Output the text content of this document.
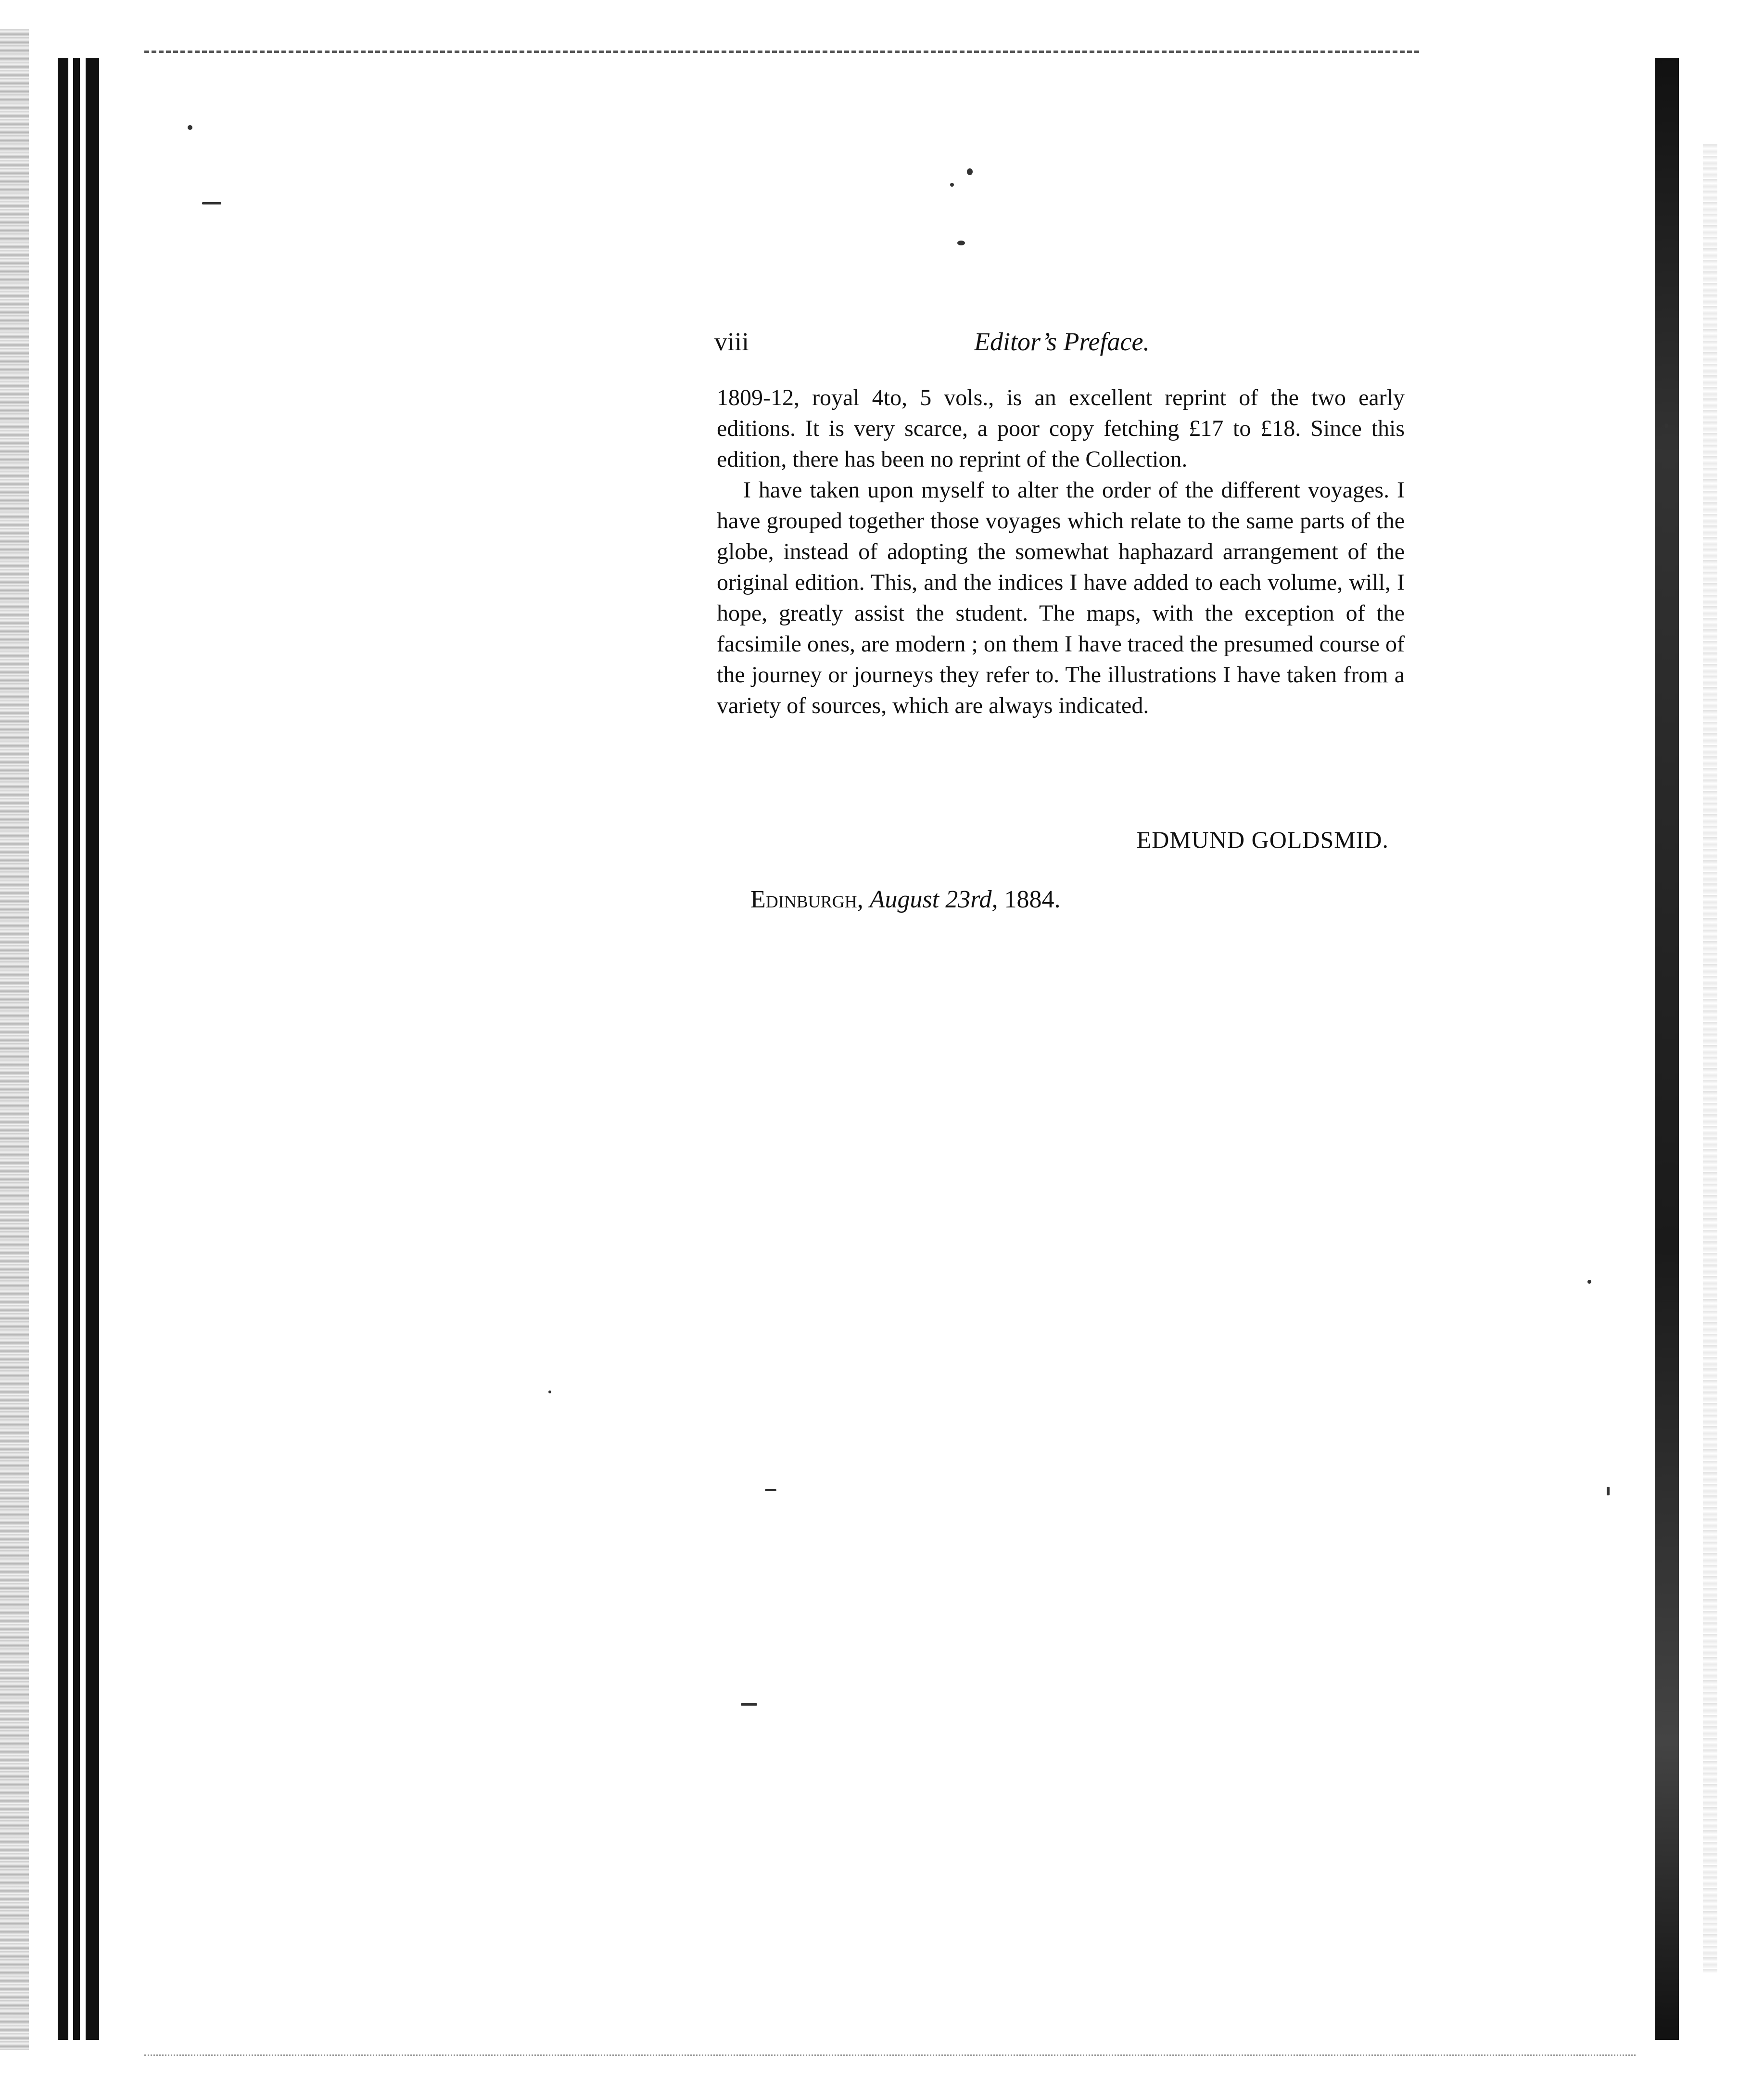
viii	Editor’s Preface.

1809-12, royal 4to, 5 vols., is an excellent reprint of the two early editions. It is very scarce, a poor copy fetching £17 to £18. Since this edition, there has been no reprint of the Collection.

I have taken upon myself to alter the order of the different voyages. I have grouped together those voyages which relate to the same parts of the globe, instead of adopting the somewhat haphazard arrangement of the original edition. This, and the indices I have added to each volume, will, I hope, greatly assist the student. The maps, with the exception of the facsimile ones, are modern ; on them I have traced the presumed course of the journey or journeys they refer to. The illustrations I have taken from a variety of sources, which are always indicated.

EDMUND GOLDSMID.
Edinburgh, August 23rd, 1884.
